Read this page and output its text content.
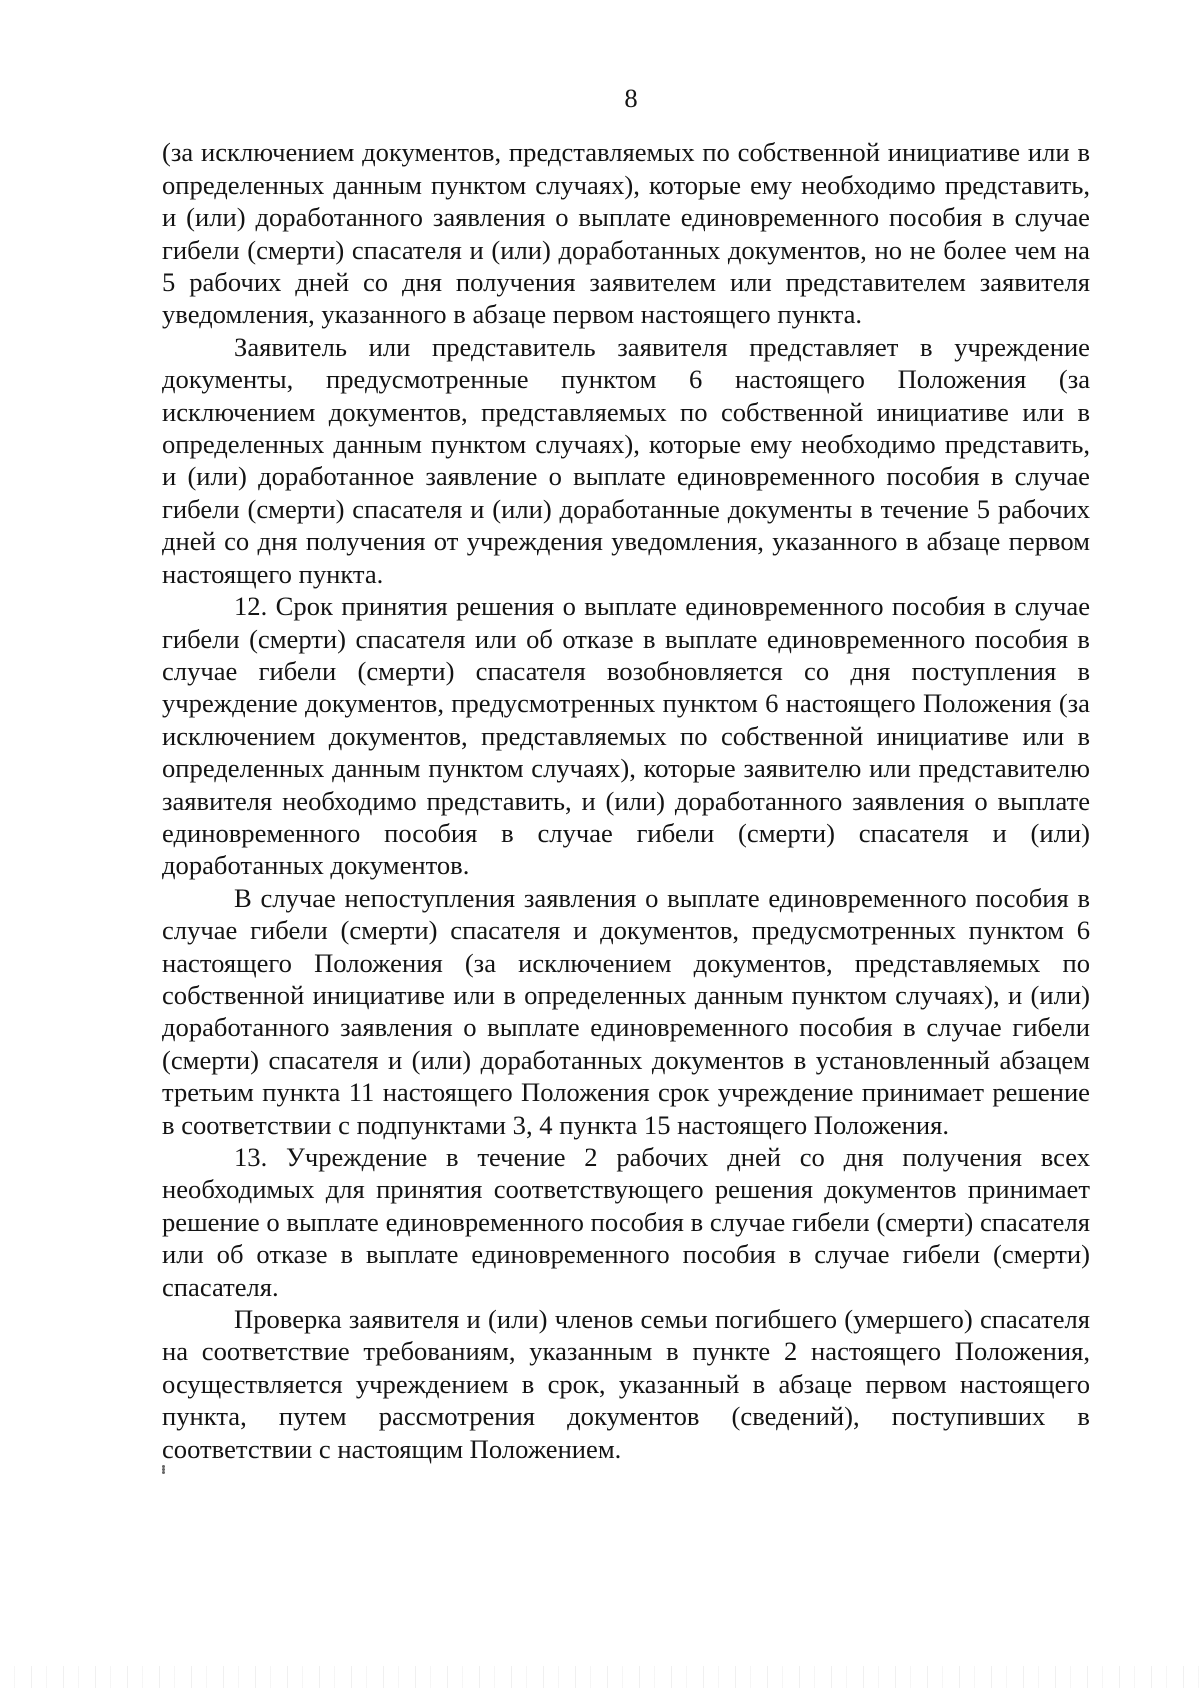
8

(за исключением документов, представляемых по собственной инициативе или в определенных данным пунктом случаях), которые ему необходимо представить, и (или) доработанного заявления о выплате единовременного пособия в случае гибели (смерти) спасателя и (или) доработанных документов, но не более чем на 5 рабочих дней со дня получения заявителем или представителем заявителя уведомления, указанного в абзаце первом настоящего пункта.

Заявитель или представитель заявителя представляет в учреждение документы, предусмотренные пунктом 6 настоящего Положения (за исключением документов, представляемых по собственной инициативе или в определенных данным пунктом случаях), которые ему необходимо представить, и (или) доработанное заявление о выплате единовременного пособия в случае гибели (смерти) спасателя и (или) доработанные документы в течение 5 рабочих дней со дня получения от учреждения уведомления, указанного в абзаце первом настоящего пункта.

12. Срок принятия решения о выплате единовременного пособия в случае гибели (смерти) спасателя или об отказе в выплате единовременного пособия в случае гибели (смерти) спасателя возобновляется со дня поступления в учреждение документов, предусмотренных пунктом 6 настоящего Положения (за исключением документов, представляемых по собственной инициативе или в определенных данным пунктом случаях), которые заявителю или представителю заявителя необходимо представить, и (или) доработанного заявления о выплате единовременного пособия в случае гибели (смерти) спасателя и (или) доработанных документов.

В случае непоступления заявления о выплате единовременного пособия в случае гибели (смерти) спасателя и документов, предусмотренных пунктом 6 настоящего Положения (за исключением документов, представляемых по собственной инициативе или в определенных данным пунктом случаях), и (или) доработанного заявления о выплате единовременного пособия в случае гибели (смерти) спасателя и (или) доработанных документов в установленный абзацем третьим пункта 11 настоящего Положения срок учреждение принимает решение в соответствии с подпунктами 3, 4 пункта 15 настоящего Положения.

13. Учреждение в течение 2 рабочих дней со дня получения всех необходимых для принятия соответствующего решения документов принимает решение о выплате единовременного пособия в случае гибели (смерти) спасателя или об отказе в выплате единовременного пособия в случае гибели (смерти) спасателя.

Проверка заявителя и (или) членов семьи погибшего (умершего) спасателя на соответствие требованиям, указанным в пункте 2 настоящего Положения, осуществляется учреждением в срок, указанный в абзаце первом настоящего пункта, путем рассмотрения документов (сведений), поступивших в соответствии с настоящим Положением.
